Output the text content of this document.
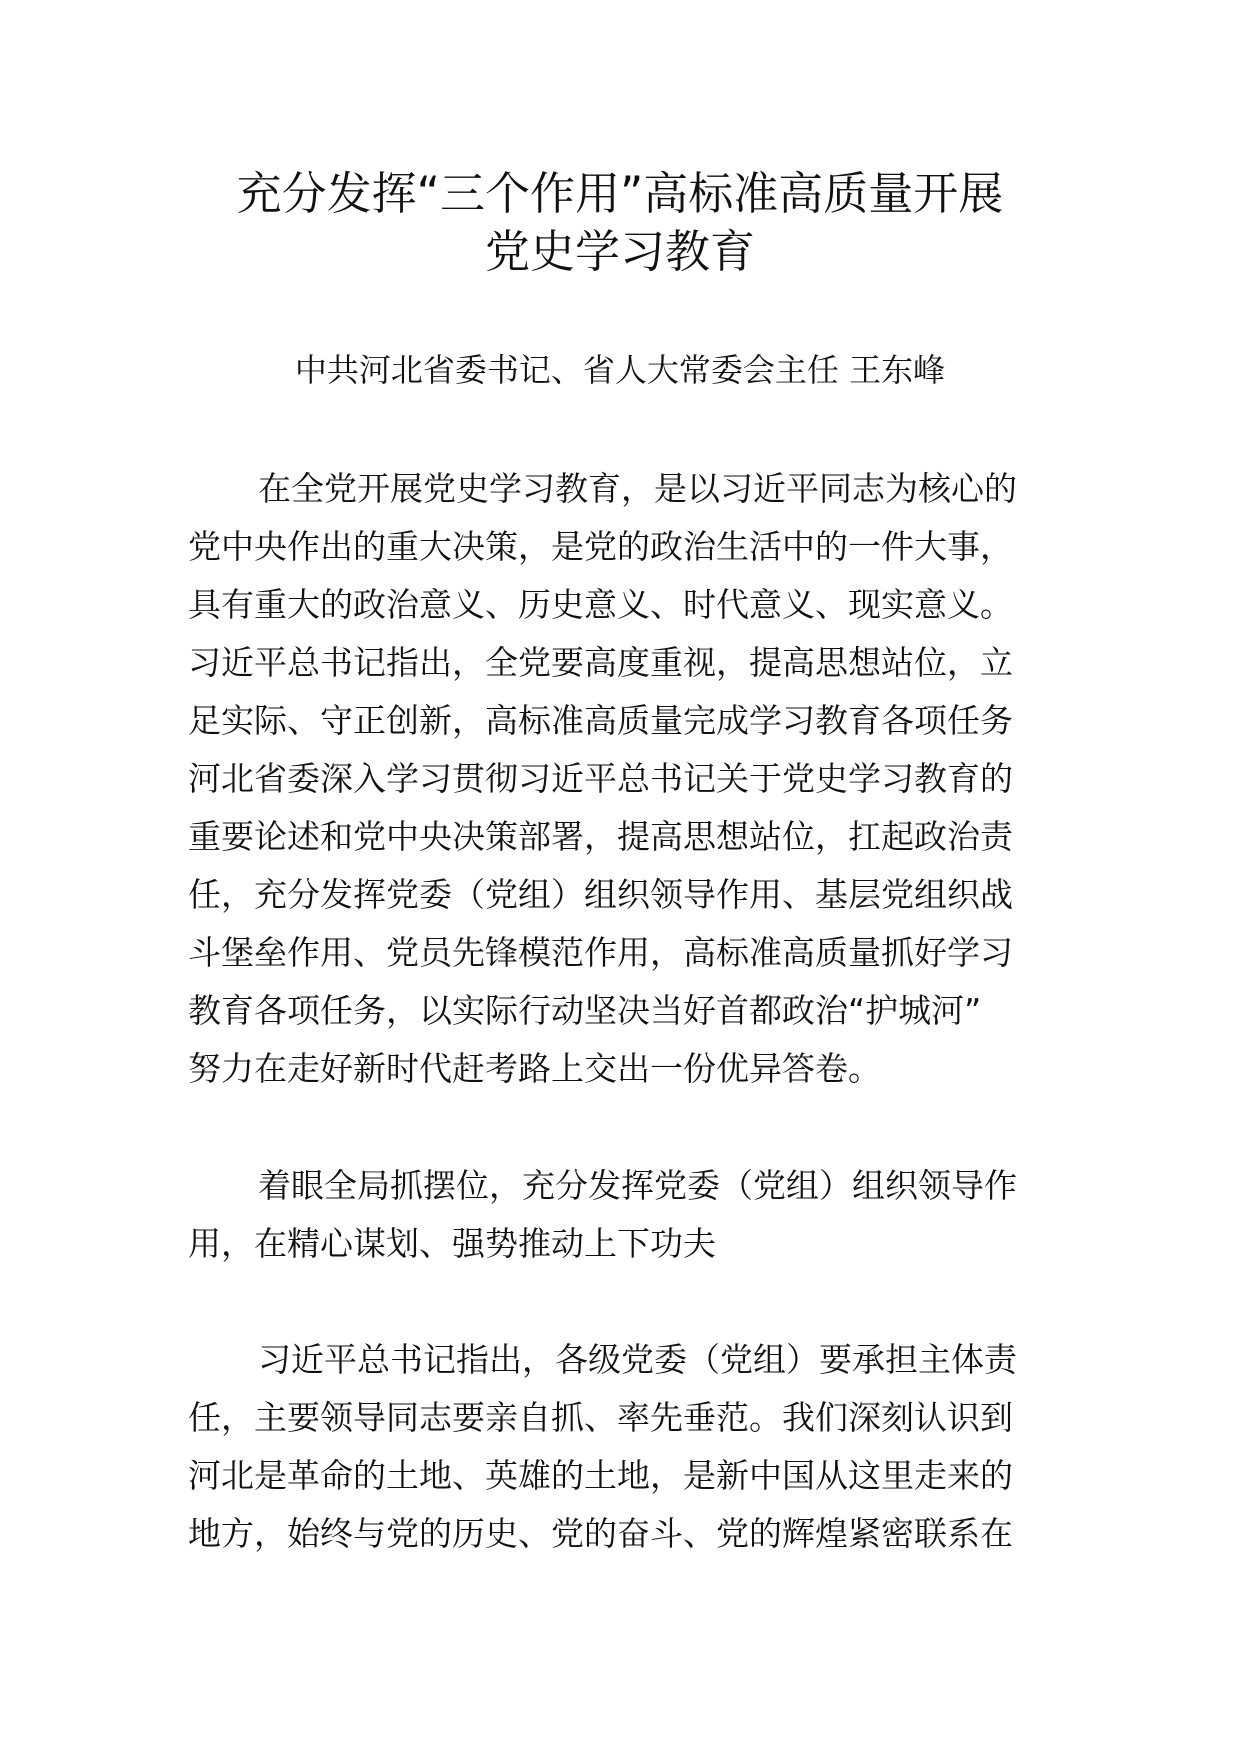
充分发挥“三个作用”高标准高质量开展
党史学习教育

中共河北省委书记、省人大常委会主任 王东峰

在全党开展党史学习教育，是以习近平同志为核心的
党中央作出的重大决策，是党的政治生活中的一件大事，
具有重大的政治意义、历史意义、时代意义、现实意义。
习近平总书记指出，全党要高度重视，提高思想站位，立
足实际、守正创新，高标准高质量完成学习教育各项任务
河北省委深入学习贯彻习近平总书记关于党史学习教育的
重要论述和党中央决策部署，提高思想站位，扛起政治责
任，充分发挥党委（党组）组织领导作用、基层党组织战
斗堡垒作用、党员先锋模范作用，高标准高质量抓好学习
教育各项任务，以实际行动坚决当好首都政治“护城河”
努力在走好新时代赶考路上交出一份优异答卷。
着眼全局抓摆位，充分发挥党委（党组）组织领导作
用，在精心谋划、强势推动上下功夫
习近平总书记指出，各级党委（党组）要承担主体责
任，主要领导同志要亲自抓、率先垂范。我们深刻认识到
河北是革命的土地、英雄的土地，是新中国从这里走来的
地方，始终与党的历史、党的奋斗、党的辉煌紧密联系在
